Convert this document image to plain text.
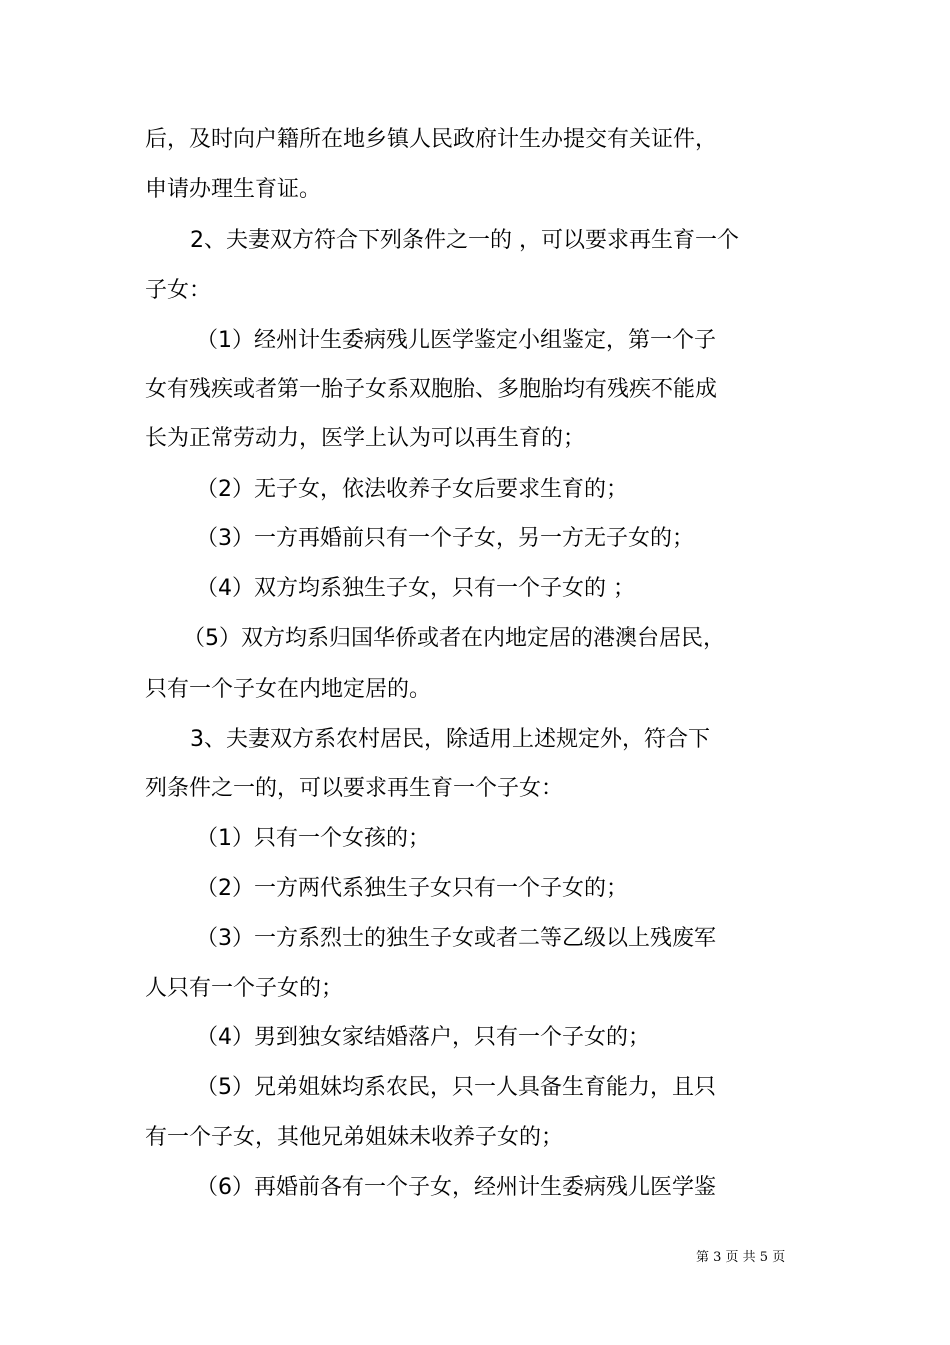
后，及时向户籍所在地乡镇人民政府计生办提交有关证件，
申请办理生育证。
2、夫妻双方符合下列条件之一的 ，可以要求再生育一个
子女：
（1）经州计生委病残儿医学鉴定小组鉴定，第一个子
女有残疾或者第一胎子女系双胞胎、多胞胎均有残疾不能成
长为正常劳动力，医学上认为可以再生育的；
（2）无子女，依法收养子女后要求生育的；
（3）一方再婚前只有一个子女，另一方无子女的；
（4）双方均系独生子女，只有一个子女的 ；
（5）双方均系归国华侨或者在内地定居的港澳台居民，
只有一个子女在内地定居的。
3、夫妻双方系农村居民，除适用上述规定外，符合下
列条件之一的，可以要求再生育一个子女：
（1）只有一个女孩的；
（2）一方两代系独生子女只有一个子女的；
（3）一方系烈士的独生子女或者二等乙级以上残废军
人只有一个子女的；
（4）男到独女家结婚落户，只有一个子女的；
（5）兄弟姐妹均系农民，只一人具备生育能力，且只
有一个子女，其他兄弟姐妹未收养子女的；
（6）再婚前各有一个子女，经州计生委病残儿医学鉴
第 3 页 共 5 页
